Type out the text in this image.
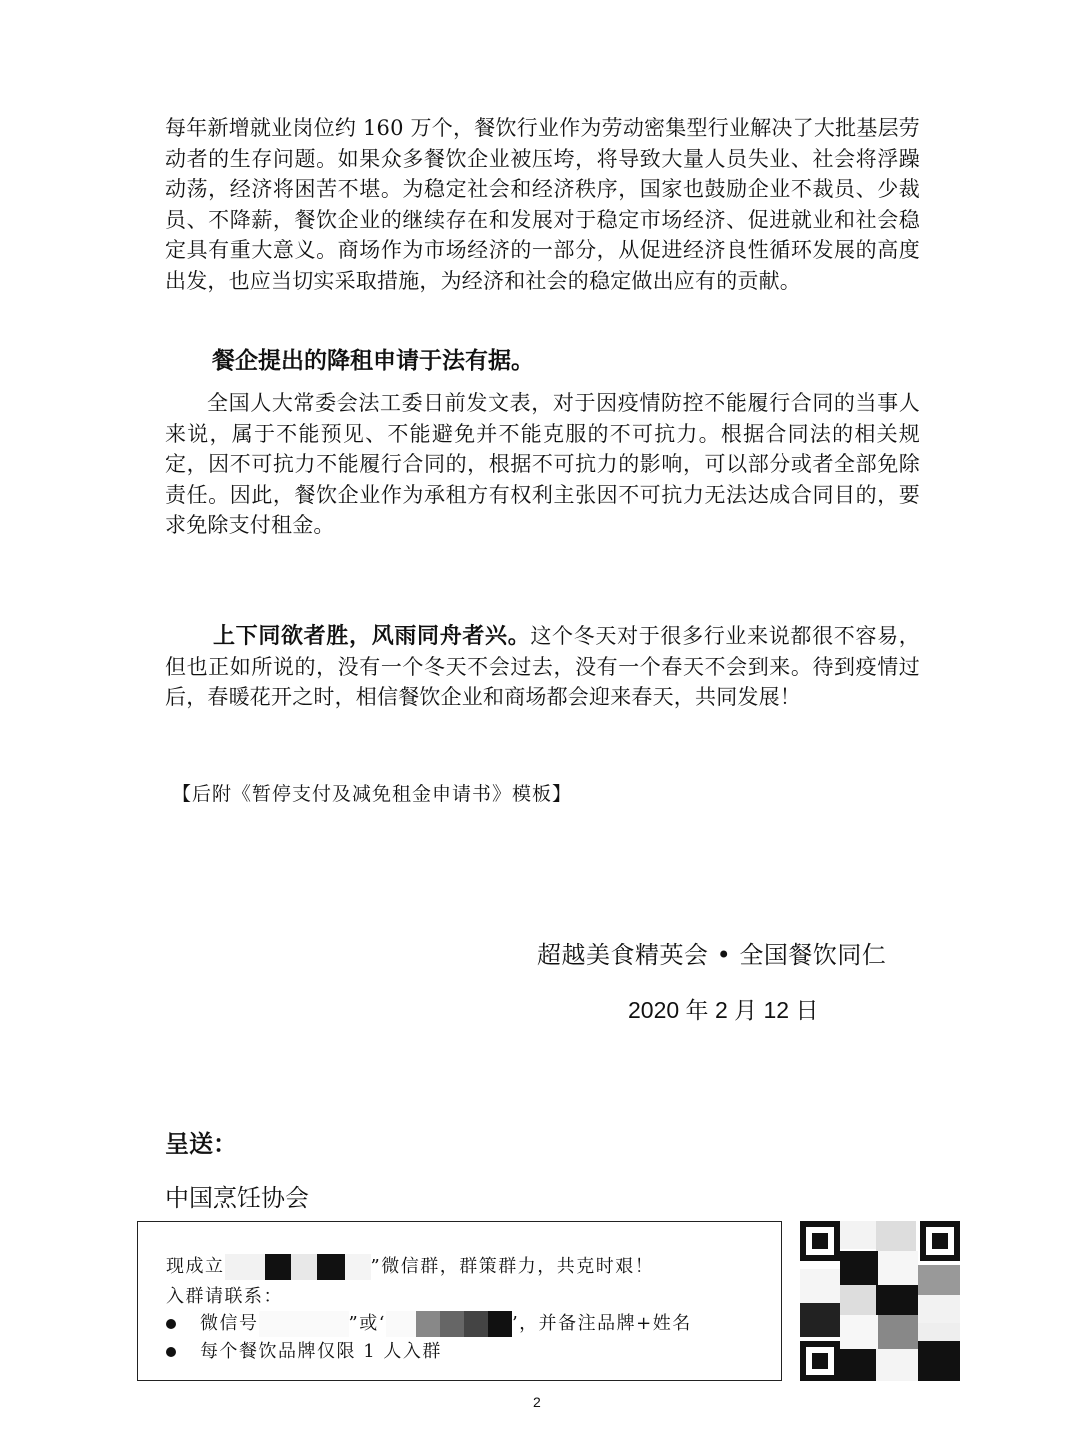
每年新增就业岗位约 160 万个，餐饮行业作为劳动密集型行业解决了大批基层劳动者的生存问题。如果众多餐饮企业被压垮，将导致大量人员失业、社会将浮躁动荡，经济将困苦不堪。为稳定社会和经济秩序，国家也鼓励企业不裁员、少裁员、不降薪，餐饮企业的继续存在和发展对于稳定市场经济、促进就业和社会稳定具有重大意义。商场作为市场经济的一部分，从促进经济良性循环发展的高度出发，也应当切实采取措施，为经济和社会的稳定做出应有的贡献。

餐企提出的降租申请于法有据。

全国人大常委会法工委日前发文表，对于因疫情防控不能履行合同的当事人来说，属于不能预见、不能避免并不能克服的不可抗力。根据合同法的相关规定，因不可抗力不能履行合同的，根据不可抗力的影响，可以部分或者全部免除责任。因此，餐饮企业作为承租方有权利主张因不可抗力无法达成合同目的，要求免除支付租金。

上下同欲者胜，风雨同舟者兴。这个冬天对于很多行业来说都很不容易，但也正如所说的，没有一个冬天不会过去，没有一个春天不会到来。待到疫情过后，春暖花开之时，相信餐饮企业和商场都会迎来春天，共同发展！

【后附《暂停支付及减免租金申请书》模板】

超越美食精英会 • 全国餐饮同仁

2020 年 2 月 12 日

呈送：

中国烹饪协会

现成立	”微信群，群策群力，共克时艰！

入群请联系：

微信号	”或‘	’，并备注品牌+姓名

每个餐饮品牌仅限 1 人入群

2
